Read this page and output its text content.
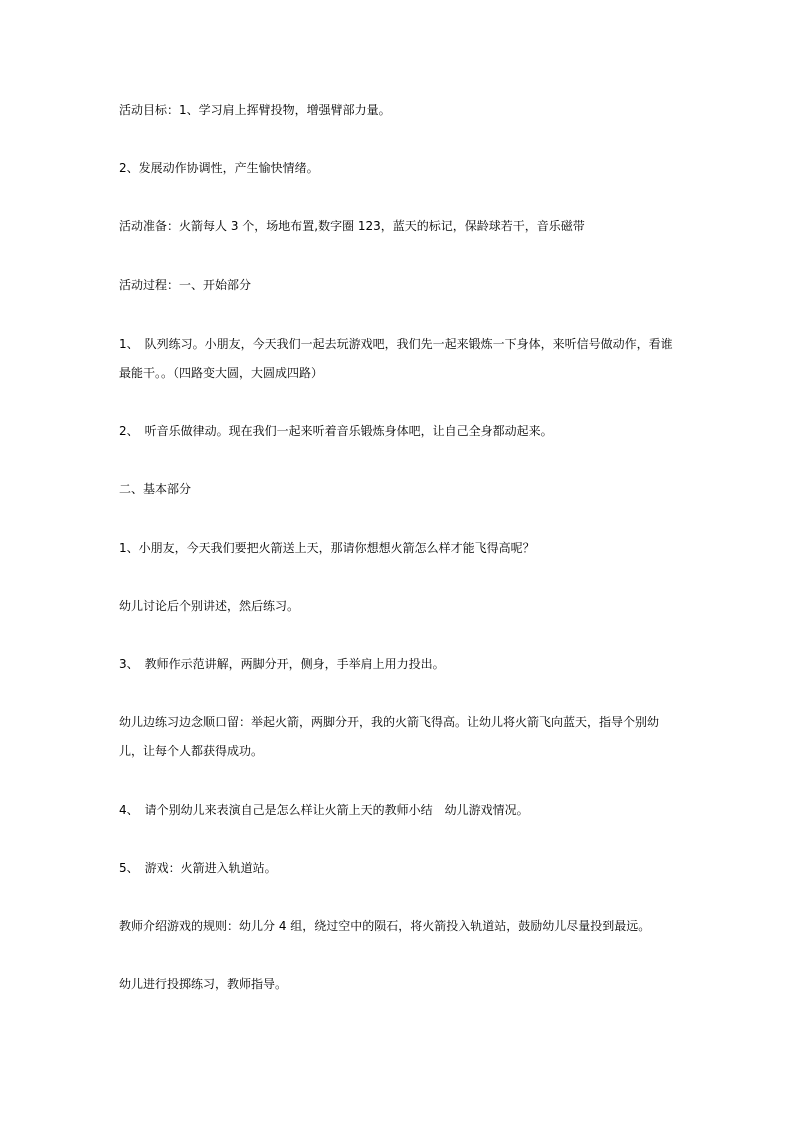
活动目标：1、学习肩上挥臂投物，增强臂部力量。

2、发展动作协调性，产生愉快情绪。

活动准备：火箭每人 3 个，场地布置,数字圈 123，蓝天的标记，保龄球若干，音乐磁带

活动过程：一、开始部分

1、　队列练习。小朋友，今天我们一起去玩游戏吧，我们先一起来锻炼一下身体，来听信号做动作，看谁最能干。。（四路变大圆，大圆成四路）

2、　听音乐做律动。现在我们一起来听着音乐锻炼身体吧，让自己全身都动起来。

二、基本部分

1、小朋友，今天我们要把火箭送上天，那请你想想火箭怎么样才能飞得高呢？

幼儿讨论后个别讲述，然后练习。

3、　教师作示范讲解，两脚分开，侧身，手举肩上用力投出。

幼儿边练习边念顺口留：举起火箭，两脚分开，我的火箭飞得高。让幼儿将火箭飞向蓝天，指导个别幼儿，让每个人都获得成功。

4、　请个别幼儿来表演自己是怎么样让火箭上天的教师小结　幼儿游戏情况。

5、　游戏：火箭进入轨道站。

教师介绍游戏的规则：幼儿分 4 组，绕过空中的陨石，将火箭投入轨道站，鼓励幼儿尽量投到最远。

幼儿进行投掷练习，教师指导。
